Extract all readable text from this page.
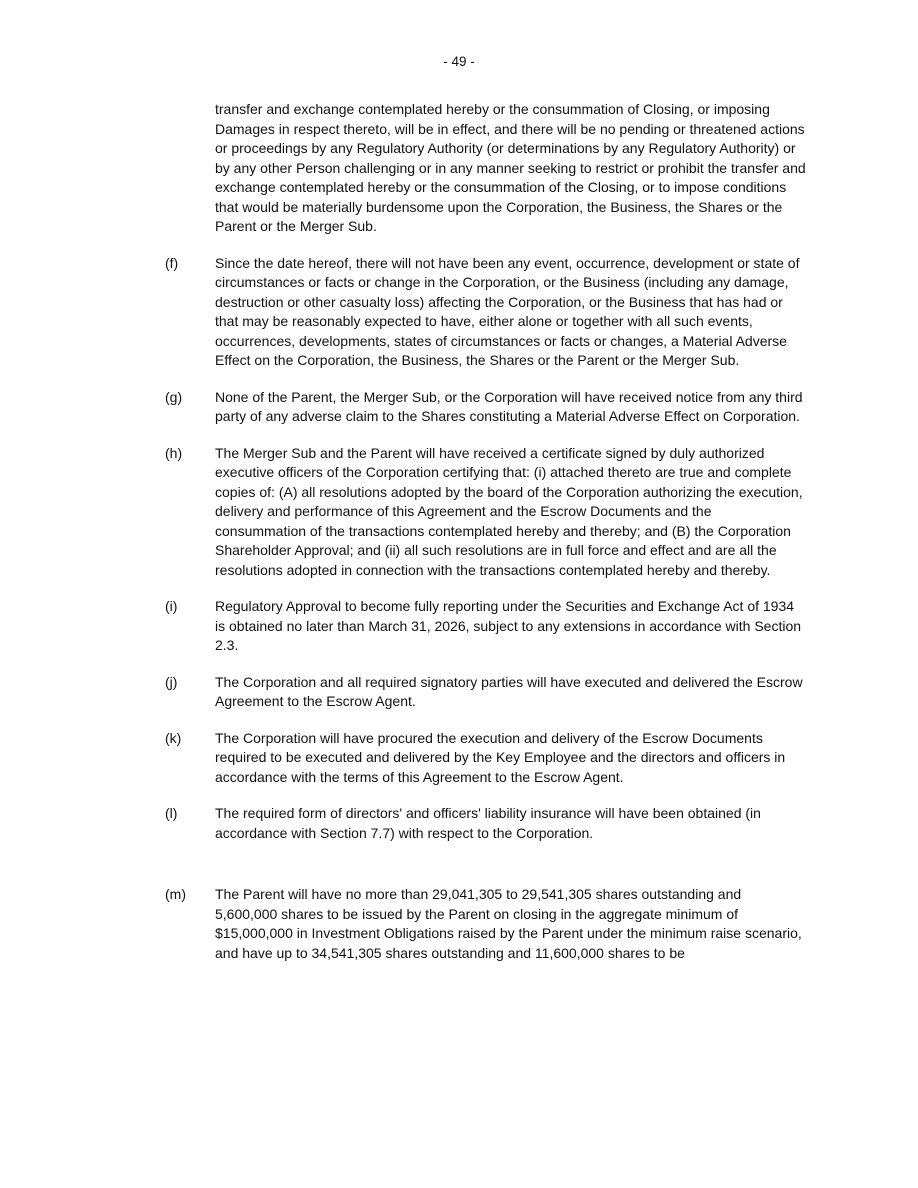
- 49 -

transfer and exchange contemplated hereby or the consummation of Closing, or imposing Damages in respect thereto, will be in effect, and there will be no pending or threatened actions or proceedings by any Regulatory Authority (or determinations by any Regulatory Authority) or by any other Person challenging or in any manner seeking to restrict or prohibit the transfer and exchange contemplated hereby or the consummation of the Closing, or to impose conditions that would be materially burdensome upon the Corporation, the Business, the Shares or the Parent or the Merger Sub.

(f)	Since the date hereof, there will not have been any event, occurrence, development or state of circumstances or facts or change in the Corporation, or the Business (including any damage, destruction or other casualty loss) affecting the Corporation, or the Business that has had or that may be reasonably expected to have, either alone or together with all such events, occurrences, developments, states of circumstances or facts or changes, a Material Adverse Effect on the Corporation, the Business, the Shares or the Parent or the Merger Sub.

(g)	None of the Parent, the Merger Sub, or the Corporation will have received notice from any third party of any adverse claim to the Shares constituting a Material Adverse Effect on Corporation.

(h)	The Merger Sub and the Parent will have received a certificate signed by duly authorized executive officers of the Corporation certifying that: (i) attached thereto are true and complete copies of: (A) all resolutions adopted by the board of the Corporation authorizing the execution, delivery and performance of this Agreement and the Escrow Documents and the consummation of the transactions contemplated hereby and thereby; and (B) the Corporation Shareholder Approval; and (ii) all such resolutions are in full force and effect and are all the resolutions adopted in connection with the transactions contemplated hereby and thereby.

(i)	Regulatory Approval to become fully reporting under the Securities and Exchange Act of 1934 is obtained no later than March 31, 2026, subject to any extensions in accordance with Section 2.3.

(j)	The Corporation and all required signatory parties will have executed and delivered the Escrow Agreement to the Escrow Agent.

(k)	The Corporation will have procured the execution and delivery of the Escrow Documents required to be executed and delivered by the Key Employee and the directors and officers in accordance with the terms of this Agreement to the Escrow Agent.

(l)	The required form of directors' and officers' liability insurance will have been obtained (in accordance with Section 7.7) with respect to the Corporation.

(m)	The Parent will have no more than 29,041,305 to 29,541,305 shares outstanding and 5,600,000 shares to be issued by the Parent on closing in the aggregate minimum of $15,000,000 in Investment Obligations raised by the Parent under the minimum raise scenario, and have up to 34,541,305 shares outstanding and 11,600,000 shares to be
